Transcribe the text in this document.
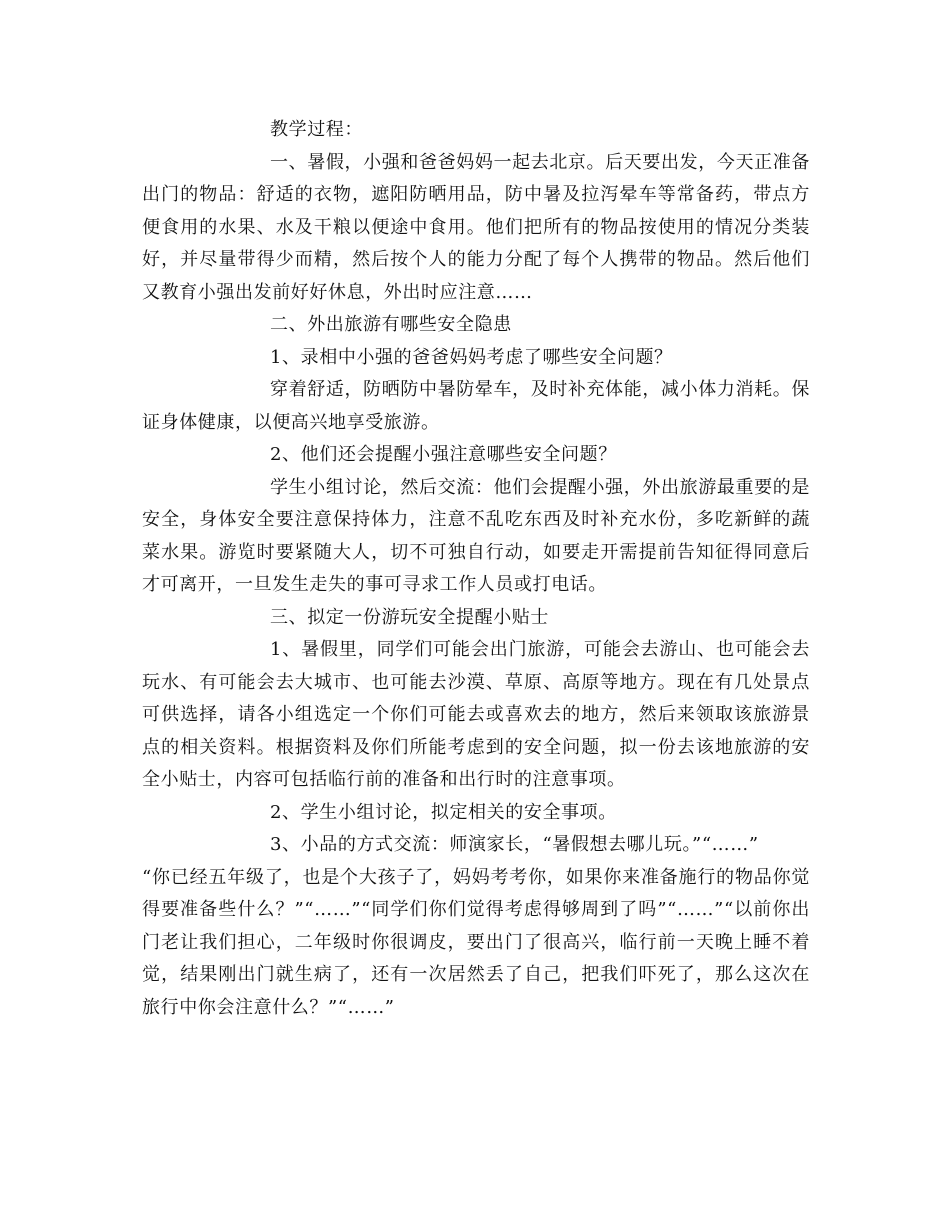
教学过程：

一、暑假，小强和爸爸妈妈一起去北京。后天要出发，今天正准备出门的物品：舒适的衣物，遮阳防晒用品，防中暑及拉泻晕车等常备药，带点方便食用的水果、水及干粮以便途中食用。他们把所有的物品按使用的情况分类装好，并尽量带得少而精，然后按个人的能力分配了每个人携带的物品。然后他们又教育小强出发前好好休息，外出时应注意……

二、外出旅游有哪些安全隐患

1、录相中小强的爸爸妈妈考虑了哪些安全问题？

穿着舒适，防晒防中暑防晕车，及时补充体能，减小体力消耗。保证身体健康，以便高兴地享受旅游。

2、他们还会提醒小强注意哪些安全问题？

学生小组讨论，然后交流：他们会提醒小强，外出旅游最重要的是安全，身体安全要注意保持体力，注意不乱吃东西及时补充水份，多吃新鲜的蔬菜水果。游览时要紧随大人，切不可独自行动，如要走开需提前告知征得同意后才可离开，一旦发生走失的事可寻求工作人员或打电话。

三、拟定一份游玩安全提醒小贴士

1、暑假里，同学们可能会出门旅游，可能会去游山、也可能会去玩水、有可能会去大城市、也可能去沙漠、草原、高原等地方。现在有几处景点可供选择，请各小组选定一个你们可能去或喜欢去的地方，然后来领取该旅游景点的相关资料。根据资料及你们所能考虑到的安全问题，拟一份去该地旅游的安全小贴士，内容可包括临行前的准备和出行时的注意事项。

2、学生小组讨论，拟定相关的安全事项。

3、小品的方式交流：师演家长，“暑假想去哪儿玩。”“……”

“你已经五年级了，也是个大孩子了，妈妈考考你，如果你来准备施行的物品你觉得要准备些什么？”“……”“同学们你们觉得考虑得够周到了吗”“……”“以前你出门老让我们担心，二年级时你很调皮，要出门了很高兴，临行前一天晚上睡不着觉，结果刚出门就生病了，还有一次居然丢了自己，把我们吓死了，那么这次在旅行中你会注意什么？”“……”
